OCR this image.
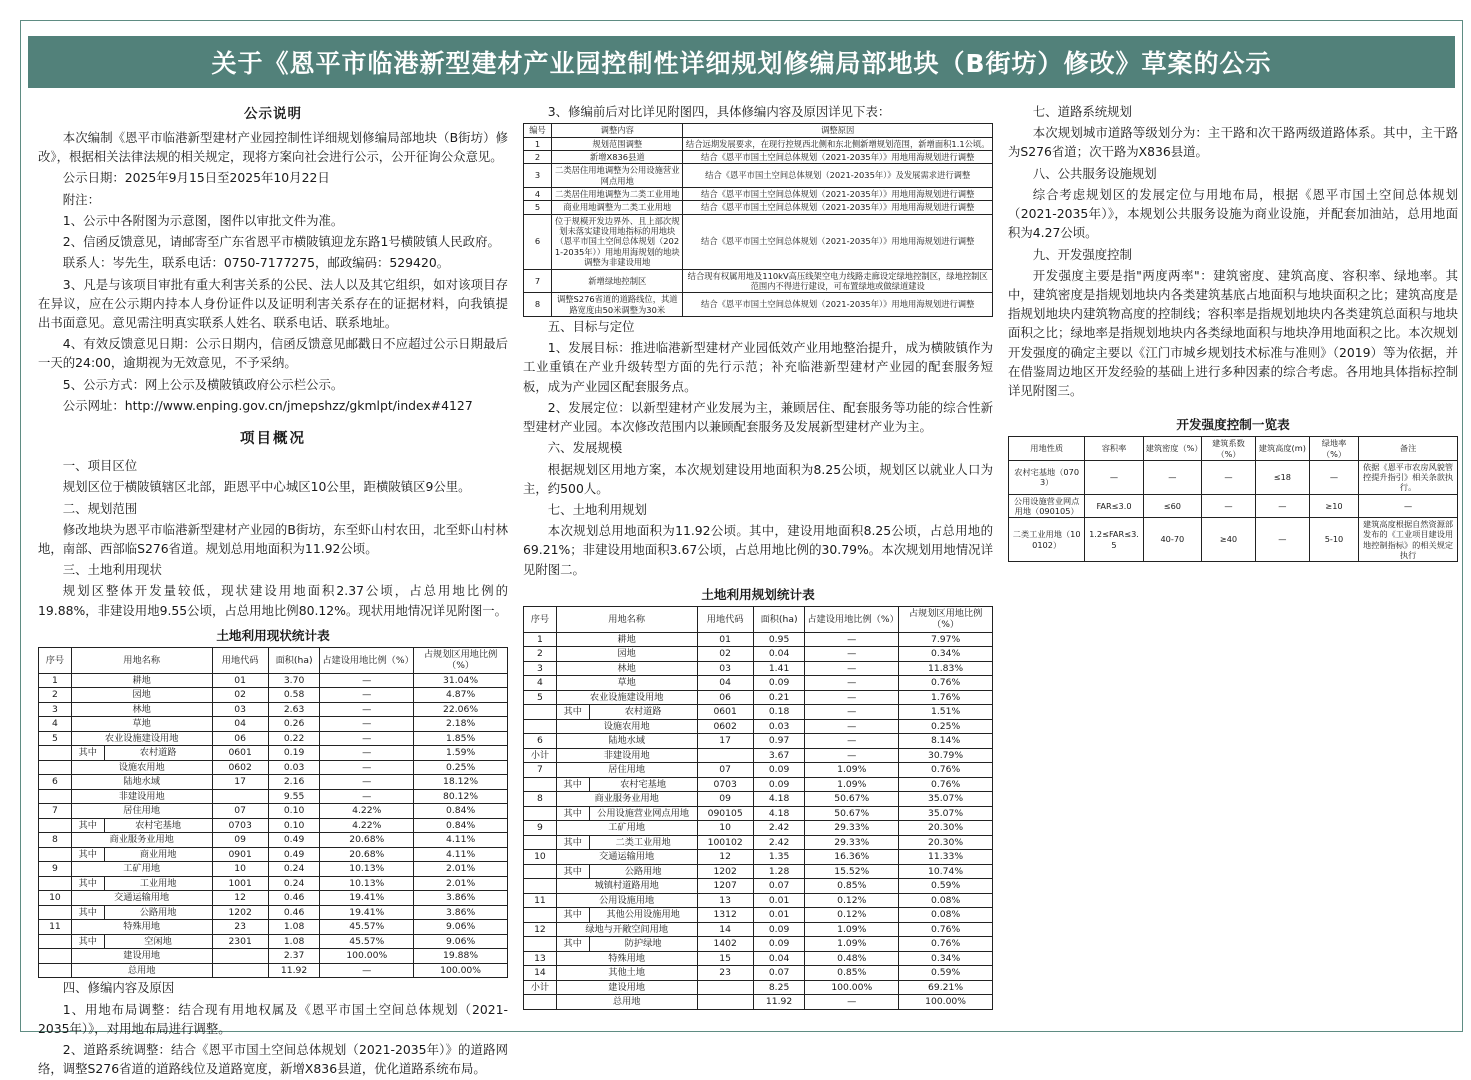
关于《恩平市临港新型建材产业园控制性详细规划修编局部地块（B街坊）修改》草案的公示
公示说明

本次编制《恩平市临港新型建材产业园控制性详细规划修编局部地块（B街坊）修改》，根据相关法律法规的相关规定，现将方案向社会进行公示，公开征询公众意见。

公示日期：2025年9月15日至2025年10月22日

附注：

1、公示中各附图为示意图，图件以审批文件为准。

2、信函反馈意见，请邮寄至广东省恩平市横陂镇迎龙东路1号横陂镇人民政府。

联系人：岑先生，联系电话：0750-7177275，邮政编码：529420。

3、凡是与该项目审批有重大利害关系的公民、法人以及其它组织，如对该项目存在异议，应在公示期内持本人身份证件以及证明利害关系存在的证据材料，向我镇提出书面意见。意见需注明真实联系人姓名、联系电话、联系地址。

4、有效反馈意见日期：公示日期内，信函反馈意见邮戳日不应超过公示日期最后一天的24:00，逾期视为无效意见，不予采纳。

5、公示方式：网上公示及横陂镇政府公示栏公示。

公示网址：http://www.enping.gov.cn/jmepshzz/gkmlpt/index#4127

项目概况

一、项目区位

规划区位于横陂镇辖区北部，距恩平中心城区10公里，距横陂镇区9公里。

二、规划范围

修改地块为恩平市临港新型建材产业园的B街坊，东至虾山村农田，北至虾山村林地，南部、西部临S276省道。规划总用地面积为11.92公顷。

三、土地利用现状

规划区整体开发量较低，现状建设用地面积2.37公顷，占总用地比例的19.88%，非建设用地9.55公顷，占总用地比例80.12%。现状用地情况详见附图一。

土地利用现状统计表
序号	用地名称		用地代码	面积(ha)	占建设用地比例（%）	占规划区用地比例（%）
1	耕地		01	3.70	—	31.04%
2	园地		02	0.58	—	4.87%
3	林地		03	2.63	—	22.06%
4	草地		04	0.26	—	2.18%
5	农业设施建设用地		06	0.22	—	1.85%
	其中	农村道路	0601	0.19	—	1.59%
	设施农用地		0602	0.03	—	0.25%
6	陆地水域		17	2.16	—	18.12%
	非建设用地			9.55	—	80.12%
7	居住用地		07	0.10	4.22%	0.84%
	其中	农村宅基地	0703	0.10	4.22%	0.84%
8	商业服务业用地		09	0.49	20.68%	4.11%
	其中	商业用地	0901	0.49	20.68%	4.11%
9	工矿用地		10	0.24	10.13%	2.01%
	其中	工业用地	1001	0.24	10.13%	2.01%
10	交通运输用地		12	0.46	19.41%	3.86%
	其中	公路用地	1202	0.46	19.41%	3.86%
11	特殊用地		23	1.08	45.57%	9.06%
	其中	空闲地	2301	1.08	45.57%	9.06%
	建设用地			2.37	100.00%	19.88%
	总用地			11.92	—	100.00%

四、修编内容及原因

1、用地布局调整：结合现有用地权属及《恩平市国土空间总体规划（2021-2035年）》，对用地布局进行调整。

2、道路系统调整：结合《恩平市国土空间总体规划（2021-2035年）》的道路网络，调整S276省道的道路线位及道路宽度，新增X836县道，优化道路系统布局。

3、修编前后对比详见附图四，具体修编内容及原因详见下表：

编号	调整内容	调整原因
1	规划范围调整	结合远期发展要求，在现行控规西北侧和东北侧新增规划范围，新增面积1.1公顷。
2	新增X836县道	结合《恩平市国土空间总体规划（2021-2035年）》用地用海规划进行调整
3	二类居住用地调整为公用设施营业网点用地	结合《恩平市国土空间总体规划（2021-2035年）》及发展需求进行调整
4	二类居住用地调整为二类工业用地	结合《恩平市国土空间总体规划（2021-2035年）》用地用海规划进行调整
5	商业用地调整为二类工业用地	结合《恩平市国土空间总体规划（2021-2035年）》用地用海规划进行调整
6	位于规模开发边界外、且上部次规划未落实建设用地指标的用地块（恩平市国土空间总体规划（2021-2035年））用地用海规划的地块调整为非建设用地	结合《恩平市国土空间总体规划（2021-2035年）》用地用海规划进行调整
7	新增绿地控制区	结合现有权属用地及110kV高压线架空电力线路走廊设定绿地控制区，绿地控制区范围内不得进行建设，可布置绿地或做绿道建设
8	调整S276省道的道路线位，其道路宽度由50米调整为30米	结合《恩平市国土空间总体规划（2021-2035年）》用地用海规划进行调整

五、目标与定位

1、发展目标：推进临港新型建材产业园低效产业用地整治提升，成为横陂镇作为工业重镇在产业升级转型方面的先行示范；补充临港新型建材产业园的配套服务短板，成为产业园区配套服务点。

2、发展定位：以新型建材产业发展为主，兼顾居住、配套服务等功能的综合性新型建材产业园。本次修改范围内以兼顾配套服务及发展新型建材产业为主。

六、发展规模

根据规划区用地方案，本次规划建设用地面积为8.25公顷，规划区以就业人口为主，约500人。

七、土地利用规划

本次规划总用地面积为11.92公顷。其中，建设用地面积8.25公顷，占总用地的69.21%；非建设用地面积3.67公顷，占总用地比例的30.79%。本次规划用地情况详见附图二。

土地利用规划统计表
序号	用地名称		用地代码	面积(ha)	占建设用地比例（%）	占规划区用地比例（%）
1	耕地		01	0.95	—	7.97%
2	园地		02	0.04	—	0.34%
3	林地		03	1.41	—	11.83%
4	草地		04	0.09	—	0.76%
5	农业设施建设用地		06	0.21	—	1.76%
	其中	农村道路	0601	0.18	—	1.51%
	设施农用地		0602	0.03	—	0.25%
6	陆地水域		17	0.97	—	8.14%
小计	非建设用地			3.67	—	30.79%
7	居住用地		07	0.09	1.09%	0.76%
	其中	农村宅基地	0703	0.09	1.09%	0.76%
8	商业服务业用地		09	4.18	50.67%	35.07%
	其中	公用设施营业网点用地	090105	4.18	50.67%	35.07%
9	工矿用地		10	2.42	29.33%	20.30%
	其中	二类工业用地	100102	2.42	29.33%	20.30%
10	交通运输用地		12	1.35	16.36%	11.33%
	其中	公路用地	1202	1.28	15.52%	10.74%
	城镇村道路用地		1207	0.07	0.85%	0.59%
11	公用设施用地		13	0.01	0.12%	0.08%
	其中	其他公用设施用地	1312	0.01	0.12%	0.08%
12	绿地与开敞空间用地		14	0.09	1.09%	0.76%
	其中	防护绿地	1402	0.09	1.09%	0.76%
13	特殊用地		15	0.04	0.48%	0.34%
14	其他土地		23	0.07	0.85%	0.59%
小计	建设用地			8.25	100.00%	69.21%
	总用地			11.92	—	100.00%

七、道路系统规划

本次规划城市道路等级划分为：主干路和次干路两级道路体系。其中，主干路为S276省道；次干路为X836县道。

八、公共服务设施规划

综合考虑规划区的发展定位与用地布局，根据《恩平市国土空间总体规划（2021-2035年）》，本规划公共服务设施为商业设施，并配套加油站，总用地面积为4.27公顷。

九、开发强度控制

开发强度主要是指"两度两率"：建筑密度、建筑高度、容积率、绿地率。其中，建筑密度是指规划地块内各类建筑基底占地面积与地块面积之比；建筑高度是指规划地块内建筑物高度的控制线；容积率是指规划地块内各类建筑总面积与地块面积之比；绿地率是指规划地块内各类绿地面积与地块净用地面积之比。本次规划开发强度的确定主要以《江门市城乡规划技术标准与准则》（2019）等为依据，并在借鉴周边地区开发经验的基础上进行多种因素的综合考虑。各用地具体指标控制详见附图三。

开发强度控制一览表
用地性质	容积率	建筑密度（%）	建筑系数（%）	建筑高度(m)	绿地率（%）	备注
农村宅基地（0703）	—	—	—	≤18	—	依据《恩平市农房风貌管控提升指引》相关条款执行。
公用设施营业网点用地（090105）	FAR≤3.0	≤60	—	—	≥10	—
二类工业用地（100102）	1.2≤FAR≤3.5	40-70	≥40	—	5-10	建筑高度根据自然资源部发布的《工业项目建设用地控制指标》的相关规定执行
